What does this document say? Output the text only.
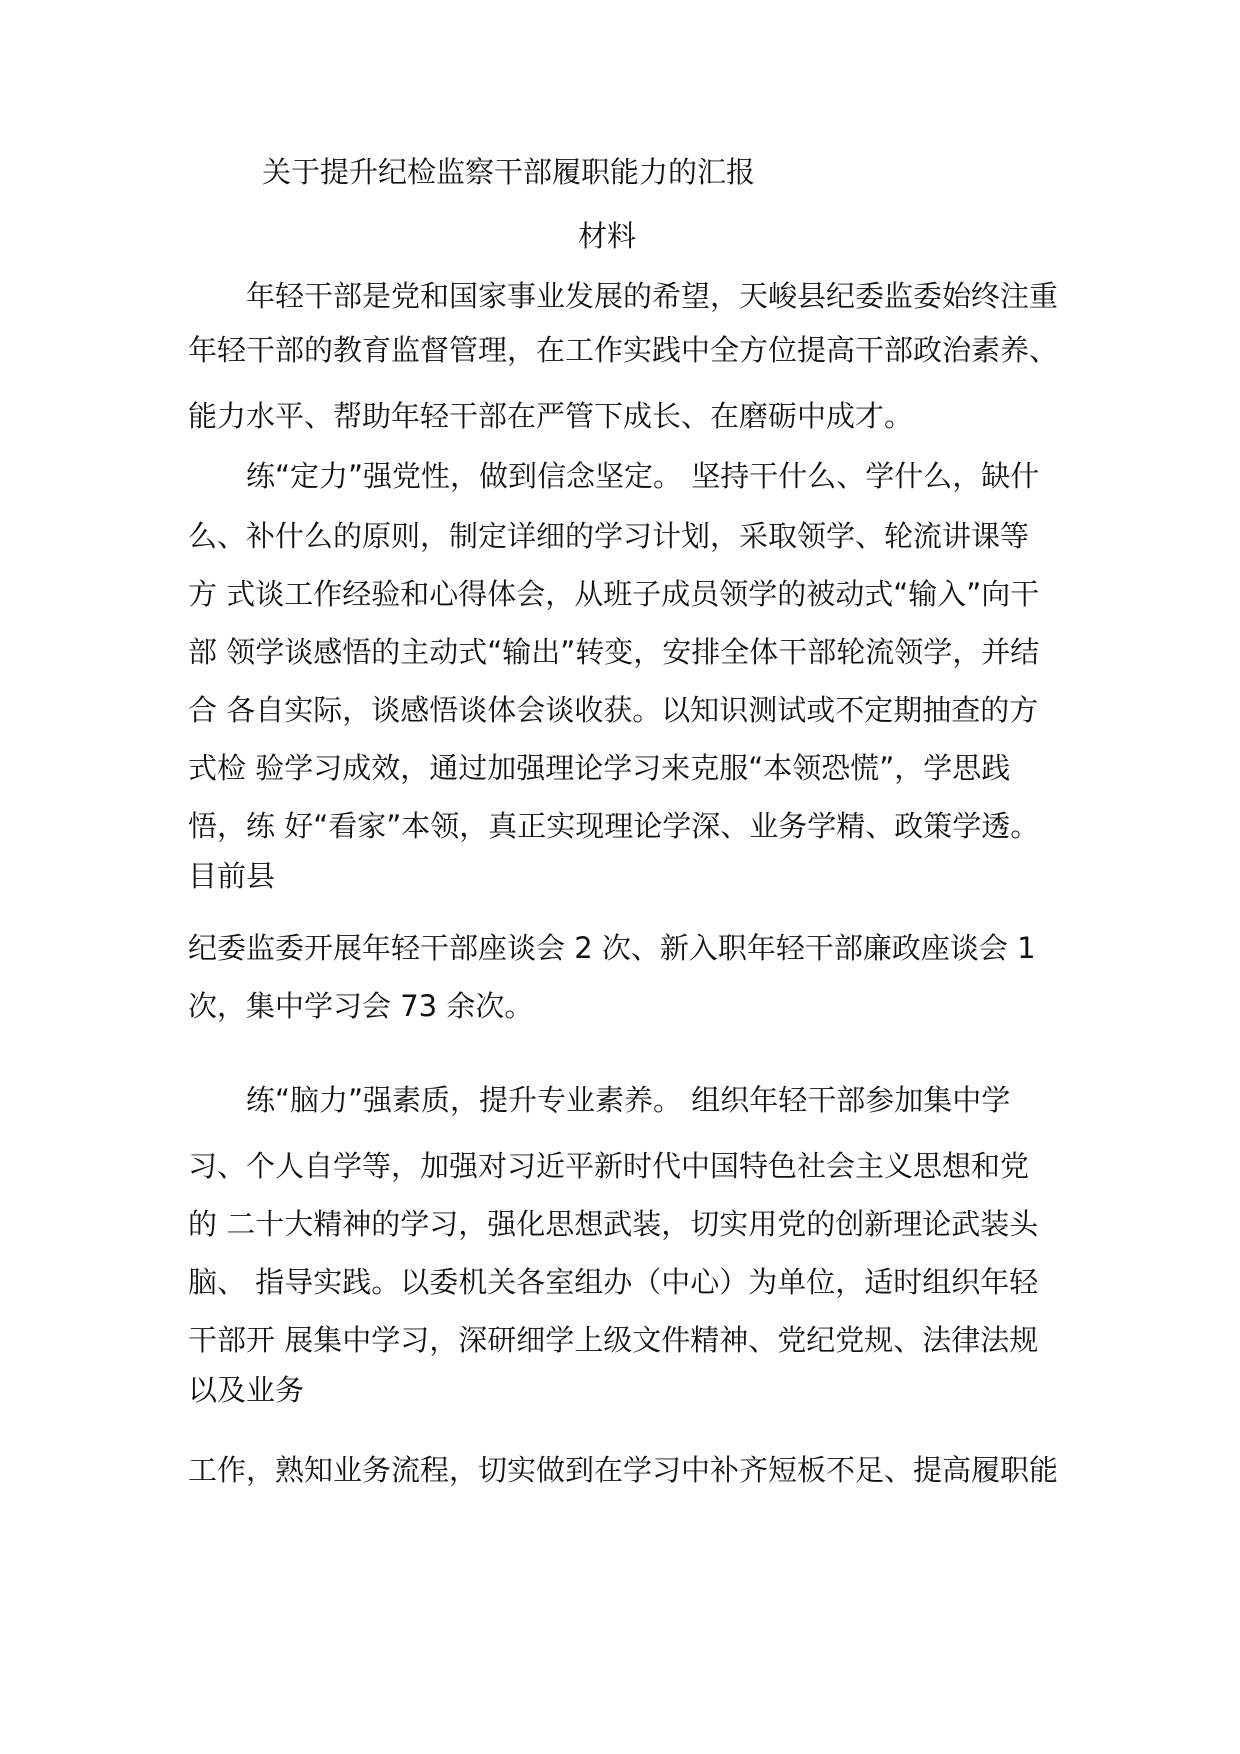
关于提升纪检监察干部履职能力的汇报
材料
年轻干部是党和国家事业发展的希望，天峻县纪委监委始终注重
年轻干部的教育监督管理，在工作实践中全方位提高干部政治素养、
能力水平、帮助年轻干部在严管下成长、在磨砺中成才。
练“定力”强党性，做到信念坚定。 坚持干什么、学什么，缺什
么、补什么的原则，制定详细的学习计划，采取领学、轮流讲课等
方 式谈工作经验和心得体会，从班子成员领学的被动式“输入”向干
部 领学谈感悟的主动式“输出”转变，安排全体干部轮流领学，并结
合 各自实际，谈感悟谈体会谈收获。以知识测试或不定期抽查的方
式检 验学习成效，通过加强理论学习来克服“本领恐慌”，学思践
悟，练 好“看家”本领，真正实现理论学深、业务学精、政策学透。
目前县
纪委监委开展年轻干部座谈会 2 次、新入职年轻干部廉政座谈会 1
次，集中学习会 73 余次。
练“脑力”强素质，提升专业素养。 组织年轻干部参加集中学
习、个人自学等，加强对习近平新时代中国特色社会主义思想和党
的 二十大精神的学习，强化思想武装，切实用党的创新理论武装头
脑、 指导实践。以委机关各室组办（中心）为单位，适时组织年轻
干部开 展集中学习，深研细学上级文件精神、党纪党规、法律法规
以及业务
工作，熟知业务流程，切实做到在学习中补齐短板不足、提高履职能
